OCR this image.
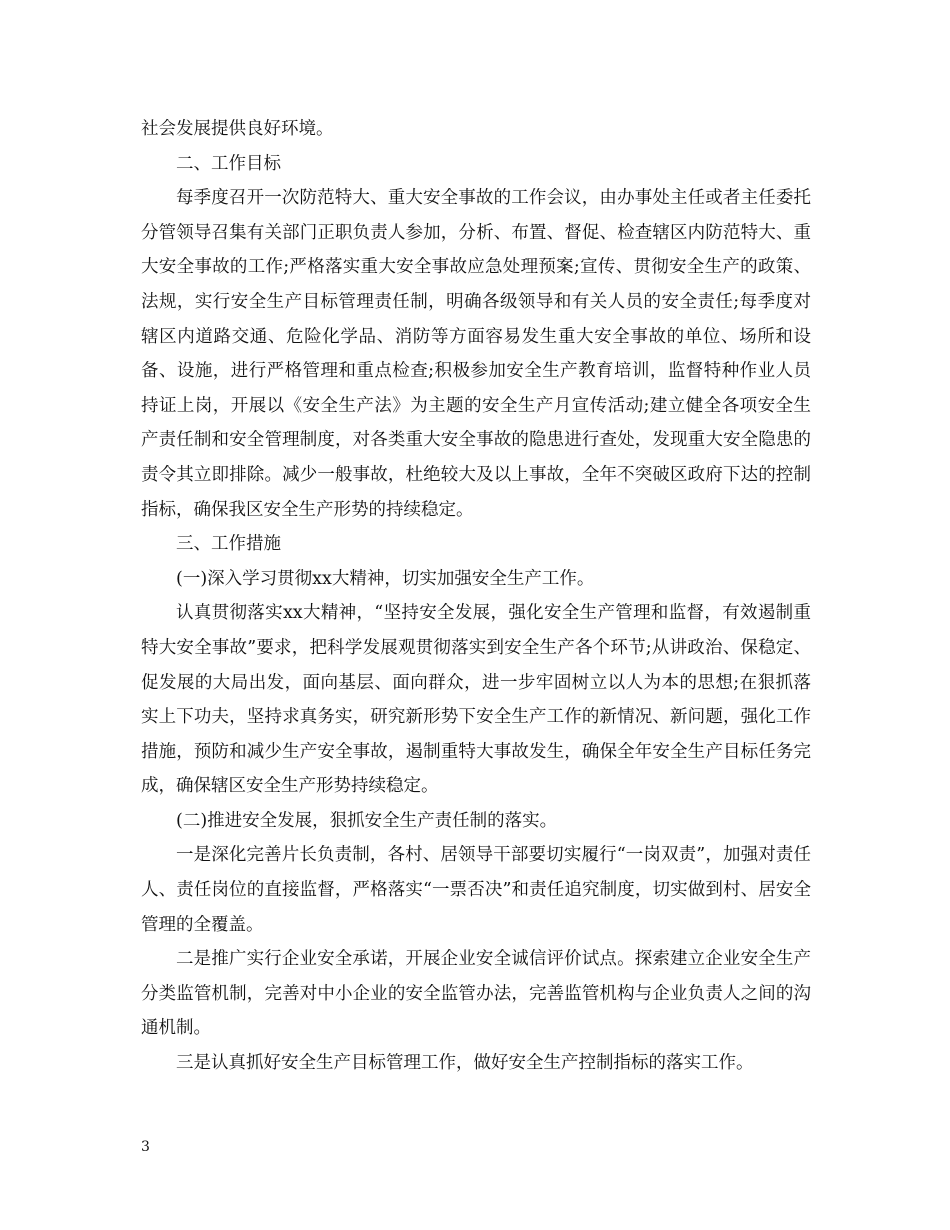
社会发展提供良好环境。

二、工作目标

每季度召开一次防范特大、重大安全事故的工作会议，由办事处主任或者主任委托分管领导召集有关部门正职负责人参加，分析、布置、督促、检查辖区内防范特大、重大安全事故的工作;严格落实重大安全事故应急处理预案;宣传、贯彻安全生产的政策、法规，实行安全生产目标管理责任制，明确各级领导和有关人员的安全责任;每季度对辖区内道路交通、危险化学品、消防等方面容易发生重大安全事故的单位、场所和设备、设施，进行严格管理和重点检查;积极参加安全生产教育培训，监督特种作业人员持证上岗，开展以《安全生产法》为主题的安全生产月宣传活动;建立健全各项安全生产责任制和安全管理制度，对各类重大安全事故的隐患进行查处，发现重大安全隐患的责令其立即排除。减少一般事故，杜绝较大及以上事故，全年不突破区政府下达的控制指标，确保我区安全生产形势的持续稳定。

三、工作措施

(一)深入学习贯彻xx大精神，切实加强安全生产工作。

认真贯彻落实xx大精神，“坚持安全发展，强化安全生产管理和监督，有效遏制重特大安全事故”要求，把科学发展观贯彻落实到安全生产各个环节;从讲政治、保稳定、促发展的大局出发，面向基层、面向群众，进一步牢固树立以人为本的思想;在狠抓落实上下功夫，坚持求真务实，研究新形势下安全生产工作的新情况、新问题，强化工作措施，预防和减少生产安全事故，遏制重特大事故发生，确保全年安全生产目标任务完成，确保辖区安全生产形势持续稳定。

(二)推进安全发展，狠抓安全生产责任制的落实。

一是深化完善片长负责制，各村、居领导干部要切实履行“一岗双责”，加强对责任人、责任岗位的直接监督，严格落实“一票否决”和责任追究制度，切实做到村、居安全管理的全覆盖。

二是推广实行企业安全承诺，开展企业安全诚信评价试点。探索建立企业安全生产分类监管机制，完善对中小企业的安全监管办法，完善监管机构与企业负责人之间的沟通机制。

三是认真抓好安全生产目标管理工作，做好安全生产控制指标的落实工作。

3
